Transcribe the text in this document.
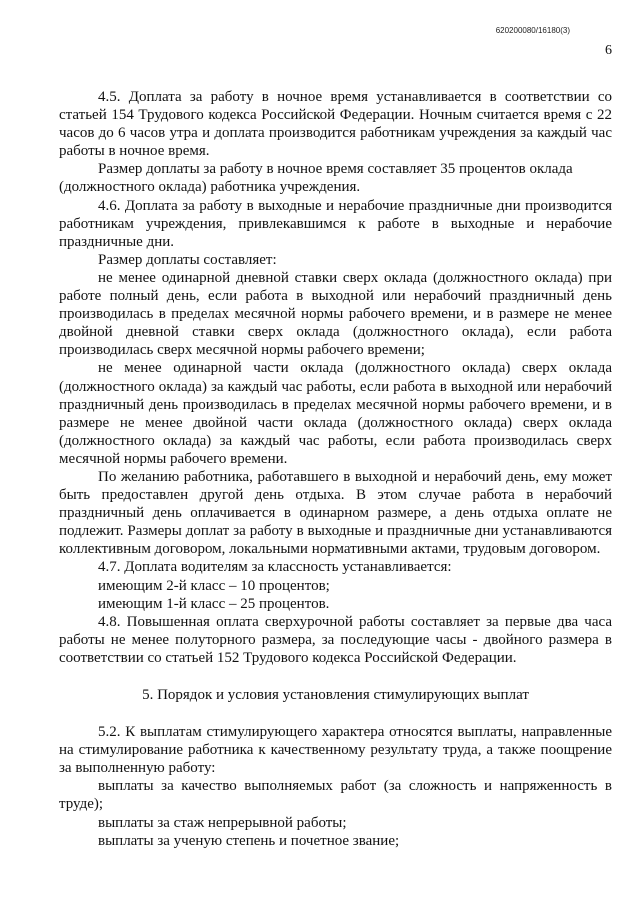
620200080/16180(3)
6

4.5. Доплата за работу в ночное время устанавливается в соответствии со статьей 154 Трудового кодекса Российской Федерации. Ночным считается время с 22 часов до 6 часов утра и доплата производится работникам учреждения за каждый час работы в ночное время.

Размер доплаты за работу в ночное время составляет 35 процентов оклада (должностного оклада) работника учреждения.

4.6. Доплата за работу в выходные и нерабочие праздничные дни производится работникам учреждения, привлекавшимся к работе в выходные и нерабочие праздничные дни.

Размер доплаты составляет:

не менее одинарной дневной ставки сверх оклада (должностного оклада) при работе полный день, если работа в выходной или нерабочий праздничный день производилась в пределах месячной нормы рабочего времени, и в размере не менее двойной дневной ставки сверх оклада (должностного оклада), если работа производилась сверх месячной нормы рабочего времени;

не менее одинарной части оклада (должностного оклада) сверх оклада (должностного оклада) за каждый час работы, если работа в выходной или нерабочий праздничный день производилась в пределах месячной нормы рабочего времени, и в размере не менее двойной части оклада (должностного оклада) сверх оклада (должностного оклада) за каждый час работы, если работа производилась сверх месячной нормы рабочего времени.

По желанию работника, работавшего в выходной и нерабочий день, ему может быть предоставлен другой день отдыха. В этом случае работа в нерабочий праздничный день оплачивается в одинарном размере, а день отдыха оплате не подлежит. Размеры доплат за работу в выходные и праздничные дни устанавливаются коллективным договором, локальными нормативными актами, трудовым договором.

4.7. Доплата водителям за классность устанавливается:

имеющим 2-й класс – 10 процентов;

имеющим 1-й класс – 25 процентов.

4.8. Повышенная оплата сверхурочной работы составляет за первые два часа работы не менее полуторного размера, за последующие часы - двойного размера в соответствии со статьей 152 Трудового кодекса Российской Федерации.

5. Порядок и условия установления стимулирующих выплат

5.2. К выплатам стимулирующего характера относятся выплаты, направленные на стимулирование работника к качественному результату труда, а также поощрение за выполненную работу:

выплаты за качество выполняемых работ (за сложность и напряженность в труде);

выплаты за стаж непрерывной работы;

выплаты за ученую степень и почетное звание;
